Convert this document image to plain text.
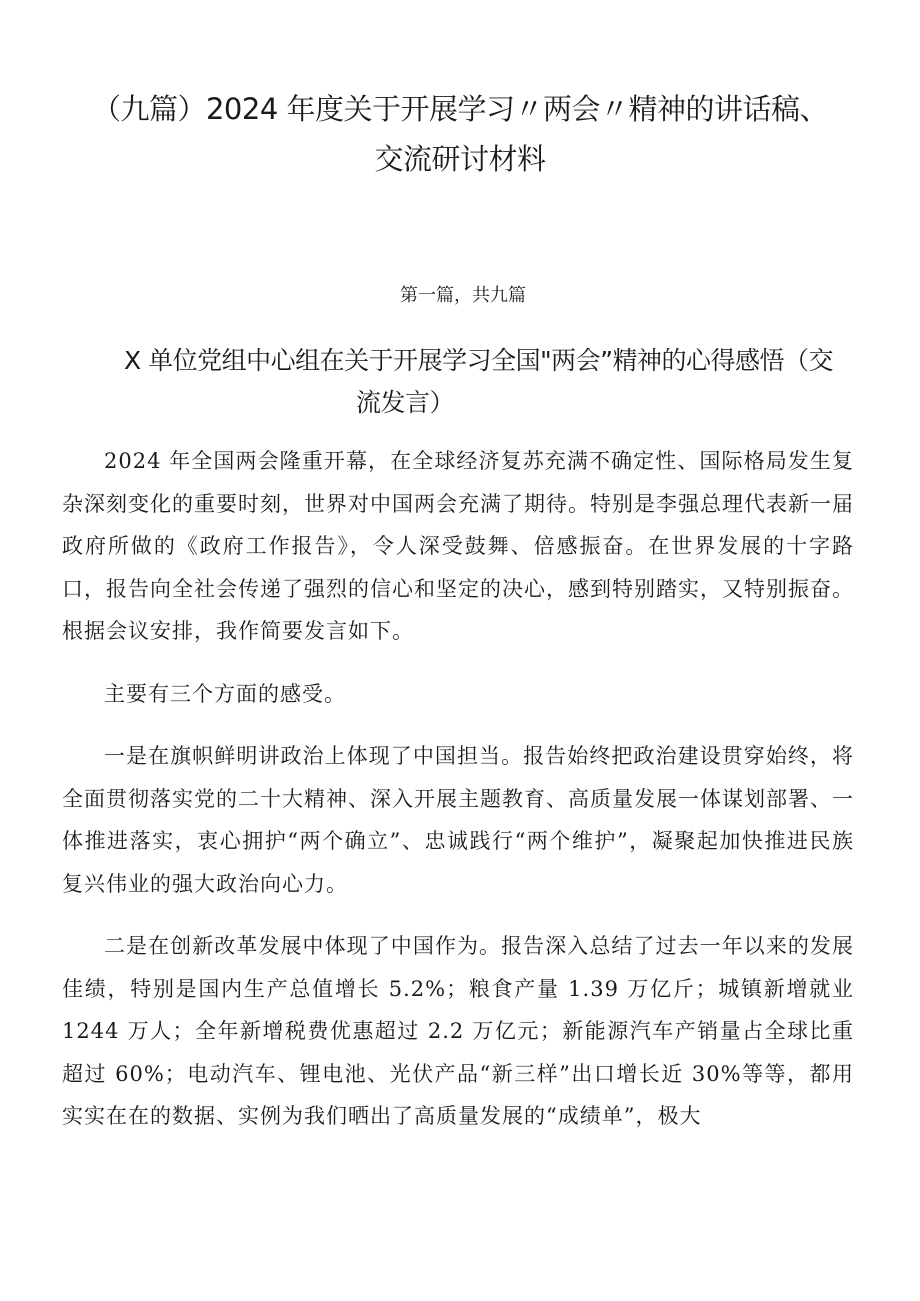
（九篇）2024 年度关于开展学习〃两会〃精神的讲话稿、
交流研讨材料
第一篇，共九篇
X 单位党组中心组在关于开展学习全国"两会”精神的心得感悟（交
流发言）

2024 年全国两会隆重开幕，在全球经济复苏充满不确定性、国际格局发生复杂深刻变化的重要时刻，世界对中国两会充满了期待。特别是李强总理代表新一届政府所做的《政府工作报告》，令人深受鼓舞、倍感振奋。在世界发展的十字路口，报告向全社会传递了强烈的信心和坚定的决心，感到特别踏实，又特别振奋。根据会议安排，我作简要发言如下。

主要有三个方面的感受。

一是在旗帜鲜明讲政治上体现了中国担当。报告始终把政治建设贯穿始终，将全面贯彻落实党的二十大精神、深入开展主题教育、高质量发展一体谋划部署、一体推进落实，衷心拥护“两个确立”、忠诚践行“两个维护”，凝聚起加快推进民族复兴伟业的强大政治向心力。

二是在创新改革发展中体现了中国作为。报告深入总结了过去一年以来的发展佳绩，特别是国内生产总值增长 5.2%；粮食产量 1.39 万亿斤；城镇新增就业 1244 万人；全年新增税费优惠超过 2.2 万亿元；新能源汽车产销量占全球比重超过 60%；电动汽车、锂电池、光伏产品“新三样”出口增长近 30%等等，都用实实在在的数据、实例为我们晒出了高质量发展的“成绩单”，极大
